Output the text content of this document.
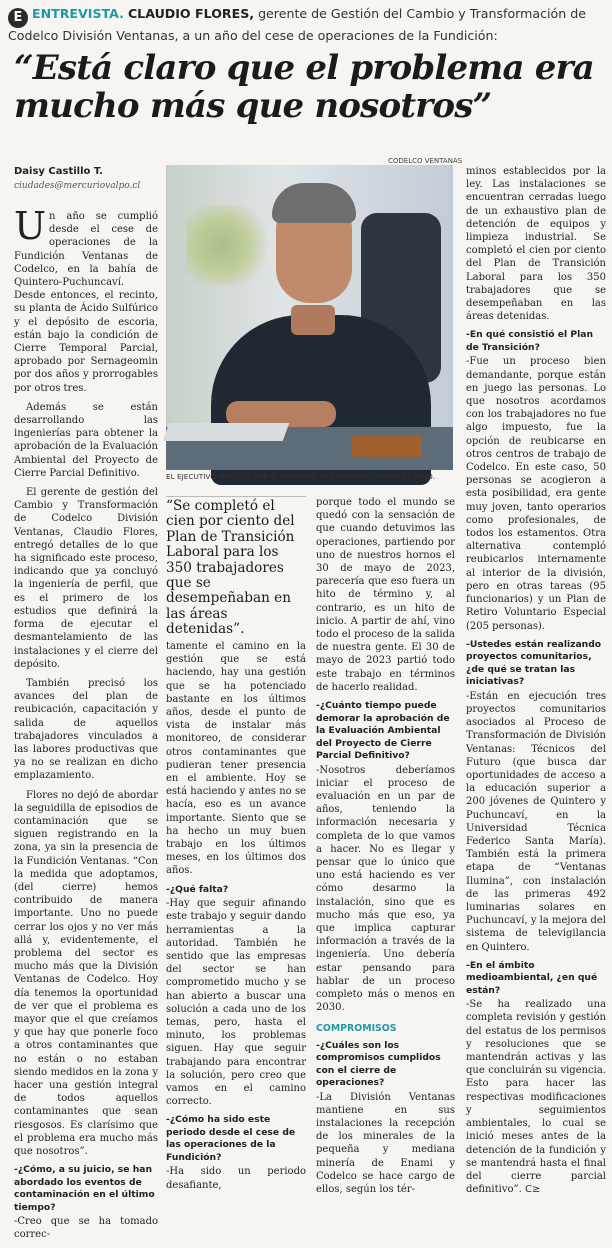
E ENTREVISTA. CLAUDIO FLORES, gerente de Gestión del Cambio y Transformación de Codelco División Ventanas, a un año del cese de operaciones de la Fundición:
“Está claro que el problema era mucho más que nosotros”
Daisy Castillo T.
ciudades@mercuriovalpo.cl
CODELCO VENTANAS
EL EJECUTIVO PRECISÓ QUE EL PROCESO SE EXTENDERÁ HASTA EL 2030.

Un año se cumplió desde el cese de operaciones de la Fundición Ventanas de Codelco, en la bahía de Quintero-Puchuncaví. Desde entonces, el recinto, su planta de Ácido Sulfúrico y el depósito de escoria, están bajo la condición de Cierre Temporal Parcial, aprobado por Sernageomin por dos años y prorrogables por otros tres.

Además se están desarrollando las ingenierías para obtener la aprobación de la Evaluación Ambiental del Proyecto de Cierre Parcial Definitivo.

El gerente de gestión del Cambio y Transformación de Codelco División Ventanas, Claudio Flores, entregó detalles de lo que ha significado este proceso, indicando que ya concluyó la ingeniería de perfil, que es el primero de los estudios que definirá la forma de ejecutar el desmantelamiento de las instalaciones y el cierre del depósito.

También precisó los avances del plan de reubicación, capacitación y salida de aquellos trabajadores vinculados a las labores productivas que ya no se realizan en dicho emplazamiento.

Flores no dejó de abordar la seguidilla de episodios de contaminación que se siguen registrando en la zona, ya sin la presencia de la Fundición Ventanas. “Con la medida que adoptamos, (del cierre) hemos contribuido de manera importante. Uno no puede cerrar los ojos y no ver más allá y, evidentemente, el problema del sector es mucho más que la División Ventanas de Codelco. Hoy día tenemos la oportunidad de ver que el problema es mayor que el que creíamos y que hay que ponerle foco a otros contaminantes que no están o no estaban siendo medidos en la zona y hacer una gestión integral de todos aquellos contaminantes que sean riesgosos. Es clarísimo que el problema era mucho más que nosotros”.

-¿Cómo, a su juicio, se han abordado los eventos de contaminación en el último tiempo?

-Creo que se ha tomado correc-

“Se completó el cien por ciento del Plan de Transición Laboral para los 350 trabajadores que se desempeñaban en las áreas detenidas”.

tamente el camino en la gestión que se está haciendo, hay una gestión que se ha potenciado bastante en los últimos años, desde el punto de vista de instalar más monitoreo, de considerar otros contaminantes que pudieran tener presencia en el ambiente. Hoy se está haciendo y antes no se hacía, eso es un avance importante. Siento que se ha hecho un muy buen trabajo en los últimos meses, en los últimos dos años.

-¿Qué falta?

-Hay que seguir afinando este trabajo y seguir dando herramientas a la autoridad. También he sentido que las empresas del sector se han comprometido mucho y se han abierto a buscar una solución a cada uno de los temas, pero, hasta el minuto, los problemas siguen. Hay que seguir trabajando para encontrar la solución, pero creo que vamos en el camino correcto.

-¿Cómo ha sido este periodo desde el cese de las operaciones de la Fundición?

-Ha sido un periodo desafiante,

porque todo el mundo se quedó con la sensación de que cuando detuvimos las operaciones, partiendo por uno de nuestros hornos el 30 de mayo de 2023, parecería que eso fuera un hito de término y, al contrario, es un hito de inicio. A partir de ahí, vino todo el proceso de la salida de nuestra gente. El 30 de mayo de 2023 partió todo este trabajo en términos de hacerlo realidad.

-¿Cuánto tiempo puede demorar la aprobación de la Evaluación Ambiental del Proyecto de Cierre Parcial Definitivo?

-Nosotros deberíamos iniciar el proceso de evaluación en un par de años, teniendo la información necesaria y completa de lo que vamos a hacer. No es llegar y pensar que lo único que uno está haciendo es ver cómo desarmo la instalación, sino que es mucho más que eso, ya que implica capturar información a través de la ingeniería. Uno debería estar pensando para hablar de un proceso completo más o menos en 2030.

COMPROMISOS
-¿Cuáles son los compromisos cumplidos con el cierre de operaciones?

-La División Ventanas mantiene en sus instalaciones la recepción de los minerales de la pequeña y mediana minería de Enami y Codelco se hace cargo de ellos, según los tér-

minos establecidos por la ley. Las instalaciones se encuentran cerradas luego de un exhaustivo plan de detención de equipos y limpieza industrial. Se completó el cien por ciento del Plan de Transición Laboral para los 350 trabajadores que se desempeñaban en las áreas detenidas.

-En qué consistió el Plan de Transición?

-Fue un proceso bien demandante, porque están en juego las personas. Lo que nosotros acordamos con los trabajadores no fue algo impuesto, fue la opción de reubicarse en otros centros de trabajo de Codelco. En este caso, 50 personas se acogieron a esta posibilidad, era gente muy joven, tanto operarios como profesionales, de todos los estamentos. Otra alternativa contempló reubicarlos internamente al interior de la división, pero en otras tareas (95 funcionarios) y un Plan de Retiro Voluntario Especial (205 personas).

-Ustedes están realizando proyectos comunitarios, ¿de qué se tratan las iniciativas?

-Están en ejecución tres proyectos comunitarios asociados al Proceso de Transformación de División Ventanas: Técnicos del Futuro (que busca dar oportunidades de acceso a la educación superior a 200 jóvenes de Quintero y Puchuncaví, en la Universidad Técnica Federico Santa María). También está la primera etapa de “Ventanas Ilumina”, con instalación de las primeras 492 luminarias solares en Puchuncaví, y la mejora del sistema de televigilancia en Quintero.

-En el ámbito medioambiental, ¿en qué están?

-Se ha realizado una completa revisión y gestión del estatus de los permisos y resoluciones que se mantendrán activas y las que concluirán su vigencia. Esto para hacer las respectivas modificaciones y seguimientos ambientales, lo cual se inició meses antes de la detención de la fundición y se mantendrá hasta el final del cierre parcial definitivo”. C≥
